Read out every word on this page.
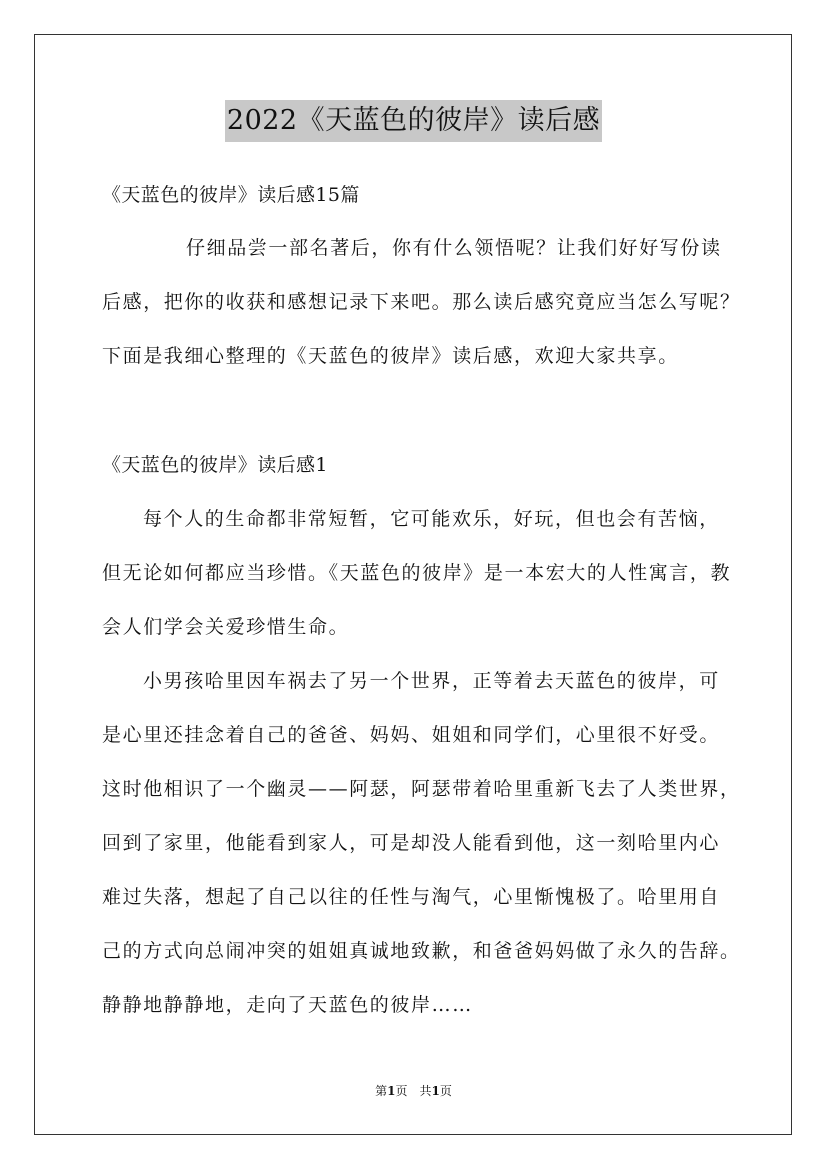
2022《天蓝色的彼岸》读后感
《天蓝色的彼岸》读后感15篇
仔细品尝一部名著后，你有什么领悟呢？让我们好好写份读
后感，把你的收获和感想记录下来吧。那么读后感究竟应当怎么写呢？
下面是我细心整理的《天蓝色的彼岸》读后感，欢迎大家共享。
《天蓝色的彼岸》读后感1
每个人的生命都非常短暂，它可能欢乐，好玩，但也会有苦恼，
但无论如何都应当珍惜。《天蓝色的彼岸》是一本宏大的人性寓言，教
会人们学会关爱珍惜生命。
小男孩哈里因车祸去了另一个世界，正等着去天蓝色的彼岸，可
是心里还挂念着自己的爸爸、妈妈、姐姐和同学们，心里很不好受。
这时他相识了一个幽灵——阿瑟，阿瑟带着哈里重新飞去了人类世界，
回到了家里，他能看到家人，可是却没人能看到他，这一刻哈里内心
难过失落，想起了自己以往的任性与淘气，心里惭愧极了。哈里用自
己的方式向总闹冲突的姐姐真诚地致歉，和爸爸妈妈做了永久的告辞。
静静地静静地，走向了天蓝色的彼岸……
第1页　共1页
